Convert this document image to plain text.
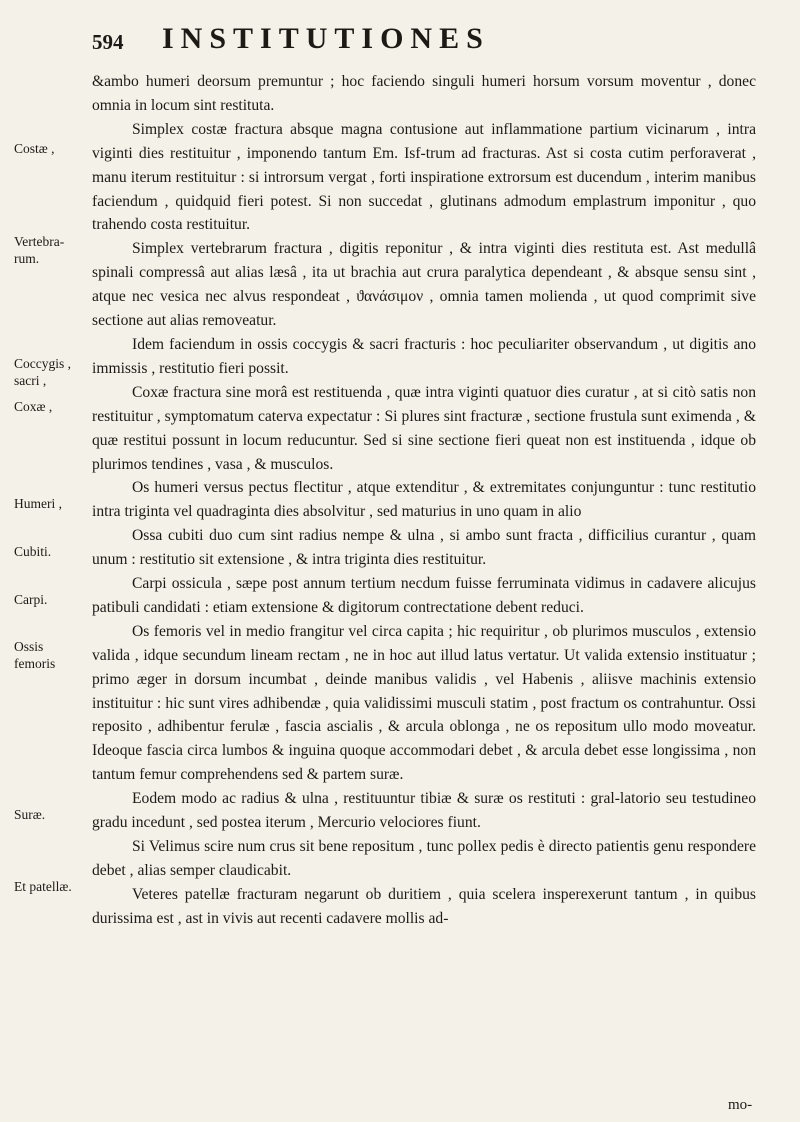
594 INSTITUTIONES
Costæ ,
Vertebra-
rum.
Coccygis ,
sacri ,
Coxæ ,
Humeri ,
Cubiti.
Carpi.
Ossis
femoris
Suræ.
Et patellæ.

&ambo humeri deorsum premuntur ; hoc faciendo singuli humeri horsum vorsum moventur , donec omnia in locum sint restituta.

Simplex costæ fractura absque magna contusione aut inflammatione partium vicinarum , intra viginti dies restituitur , imponendo tantum Em. Isf-trum ad fracturas. Ast si costa cutim perforaverat , manu iterum restituitur : si introrsum vergat , forti inspiratione extrorsum est ducendum , interim manibus faciendum , quidquid fieri potest. Si non succedat , glutinans admodum emplastrum imponitur , quo trahendo costa restituitur.

Simplex vertebrarum fractura , digitis reponitur , & intra viginti dies restituta est. Ast medullâ spinali compressâ aut alias læsâ , ita ut brachia aut crura paralytica dependeant , & absque sensu sint , atque nec vesica nec alvus respondeat , ϑανάσιμον , omnia tamen molienda , ut quod comprimit sive sectione aut alias removeatur.

Idem faciendum in ossis coccygis & sacri fracturis : hoc peculiariter observandum , ut digitis ano immissis , restitutio fieri possit.

Coxæ fractura sine morâ est restituenda , quæ intra viginti quatuor dies curatur , at si citò satis non restituitur , symptomatum caterva expectatur : Si plures sint fracturæ , sectione frustula sunt eximenda , & quæ restitui possunt in locum reducuntur. Sed si sine sectione fieri queat non est instituenda , idque ob plurimos tendines , vasa , & musculos.

Os humeri versus pectus flectitur , atque extenditur , & extremitates conjunguntur : tunc restitutio intra triginta vel quadraginta dies absolvitur , sed maturius in uno quam in alio

Ossa cubiti duo cum sint radius nempe & ulna , si ambo sunt fracta , difficilius curantur , quam unum : restitutio sit extensione , & intra triginta dies restituitur.

Carpi ossicula , sæpe post annum tertium necdum fuisse ferruminata vidimus in cadavere alicujus patibuli candidati : etiam extensione & digitorum contrectatione debent reduci.

Os femoris vel in medio frangitur vel circa capita ; hic requiritur , ob plurimos musculos , extensio valida , idque secundum lineam rectam , ne in hoc aut illud latus vertatur. Ut valida extensio instituatur ; primo æger in dorsum incumbat , deinde manibus validis , vel Habenis , aliisve machinis extensio instituitur : hic sunt vires adhibendæ , quia validissimi musculi statim , post fractum os contrahuntur. Ossi reposito , adhibentur ferulæ , fascia ascialis , & arcula oblonga , ne os repositum ullo modo moveatur. Ideoque fascia circa lumbos & inguina quoque accommodari debet , & arcula debet esse longissima , non tantum femur comprehendens sed & partem suræ.

Eodem modo ac radius & ulna , restituuntur tibiæ & suræ os restituti : gral-latorio seu testudineo gradu incedunt , sed postea iterum , Mercurio velociores fiunt.

Si Velimus scire num crus sit bene repositum , tunc pollex pedis è directo patientis genu respondere debet , alias semper claudicabit.

Veteres patellæ fracturam negarunt ob duritiem , quia scelera insperexerunt tantum , in quibus durissima est , ast in vivis aut recenti cadavere mollis ad-

mo-
